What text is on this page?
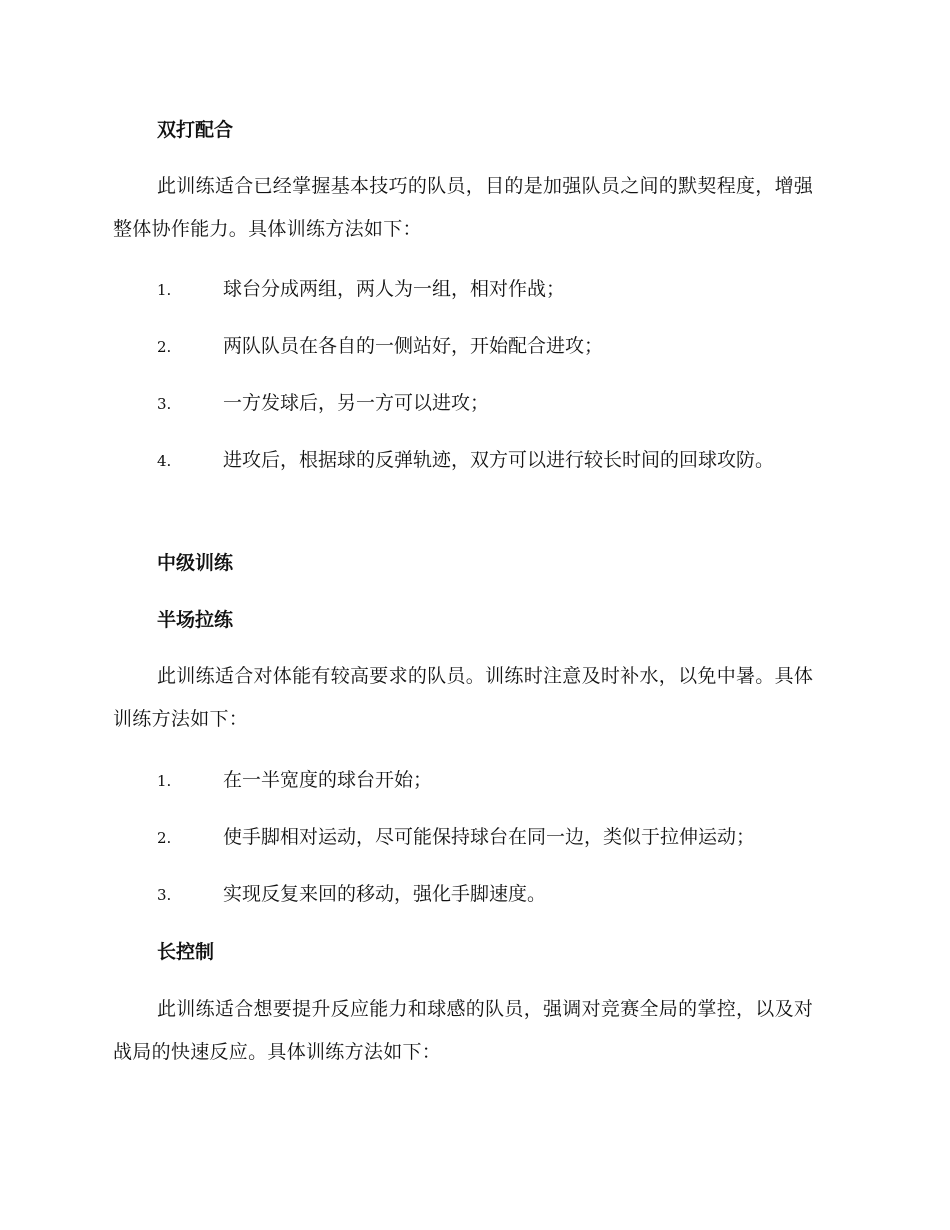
双打配合
此训练适合已经掌握基本技巧的队员，目的是加强队员之间的默契程度，增强整体协作能力。具体训练方法如下：
1.	球台分成两组，两人为一组，相对作战；
2.	两队队员在各自的一侧站好，开始配合进攻；
3.	一方发球后，另一方可以进攻；
4.	进攻后，根据球的反弹轨迹，双方可以进行较长时间的回球攻防。
中级训练
半场拉练
此训练适合对体能有较高要求的队员。训练时注意及时补水，以免中暑。具体训练方法如下：
1.	在一半宽度的球台开始；
2.	使手脚相对运动，尽可能保持球台在同一边，类似于拉伸运动；
3.	实现反复来回的移动，强化手脚速度。
长控制
此训练适合想要提升反应能力和球感的队员，强调对竞赛全局的掌控，以及对战局的快速反应。具体训练方法如下：
